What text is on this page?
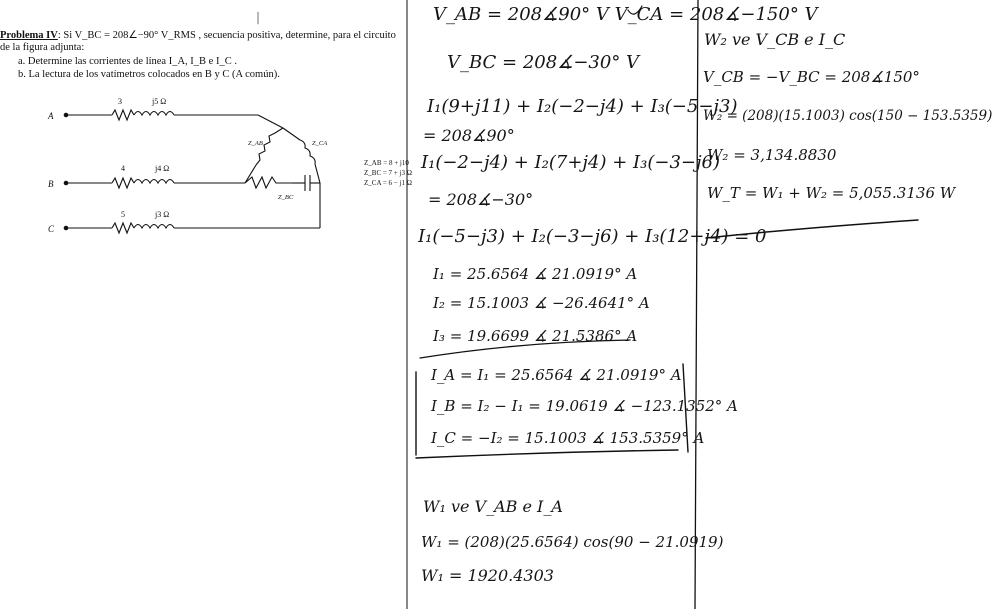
Problema IV: Si V_BC = 208∠−90° V_RMS , secuencia positiva, determine, para el circuito
de la figura adjunta:
a. Determine las corrientes de línea I_A, I_B e I_C .
b. La lectura de los vatímetros colocados en B y C (A común).
A
B
C
3	j5 Ω
4	j4 Ω
5	j3 Ω
Z_AB	Z_CA
Z_BC
Z_AB = 8 + j10
Z_BC = 7 + j3 Ω
Z_CA = 6 − j1 Ω
V_AB = 208∡90° V V_CA = 208∡−150° V
V_BC = 208∡−30° V
I₁(9+j11) + I₂(−2−j4) + I₃(−5−j3)
= 208∡90°
I₁(−2−j4) + I₂(7+j4) + I₃(−3−j6)
= 208∡−30°
I₁(−5−j3) + I₂(−3−j6) + I₃(12+j4) = 0
I₁ = 25.6564 ∡ 21.0919° A
I₂ = 15.1003 ∡ −26.4641° A
I₃ = 19.6699 ∡ 21.5386° A
I_A = I₁ = 25.6564 ∡ 21.0919° A
I_B = I₂ − I₁ = 19.0619 ∡ −123.1352° A
I_C = −I₂ = 15.1003 ∡ 153.5359° A
W₁ ve V_AB e I_A
W₁ = (208)(25.6564) cos(90 − 21.0919)
W₁ = 1920.4303
W₂ ve V_CB e I_C
V_CB = −V_BC = 208∡150°
W₂ = (208)(15.1003) cos(150 − 153.5359)
W₂ = 3,134.8830
W_T = W₁ + W₂ = 5,055.3136 W
